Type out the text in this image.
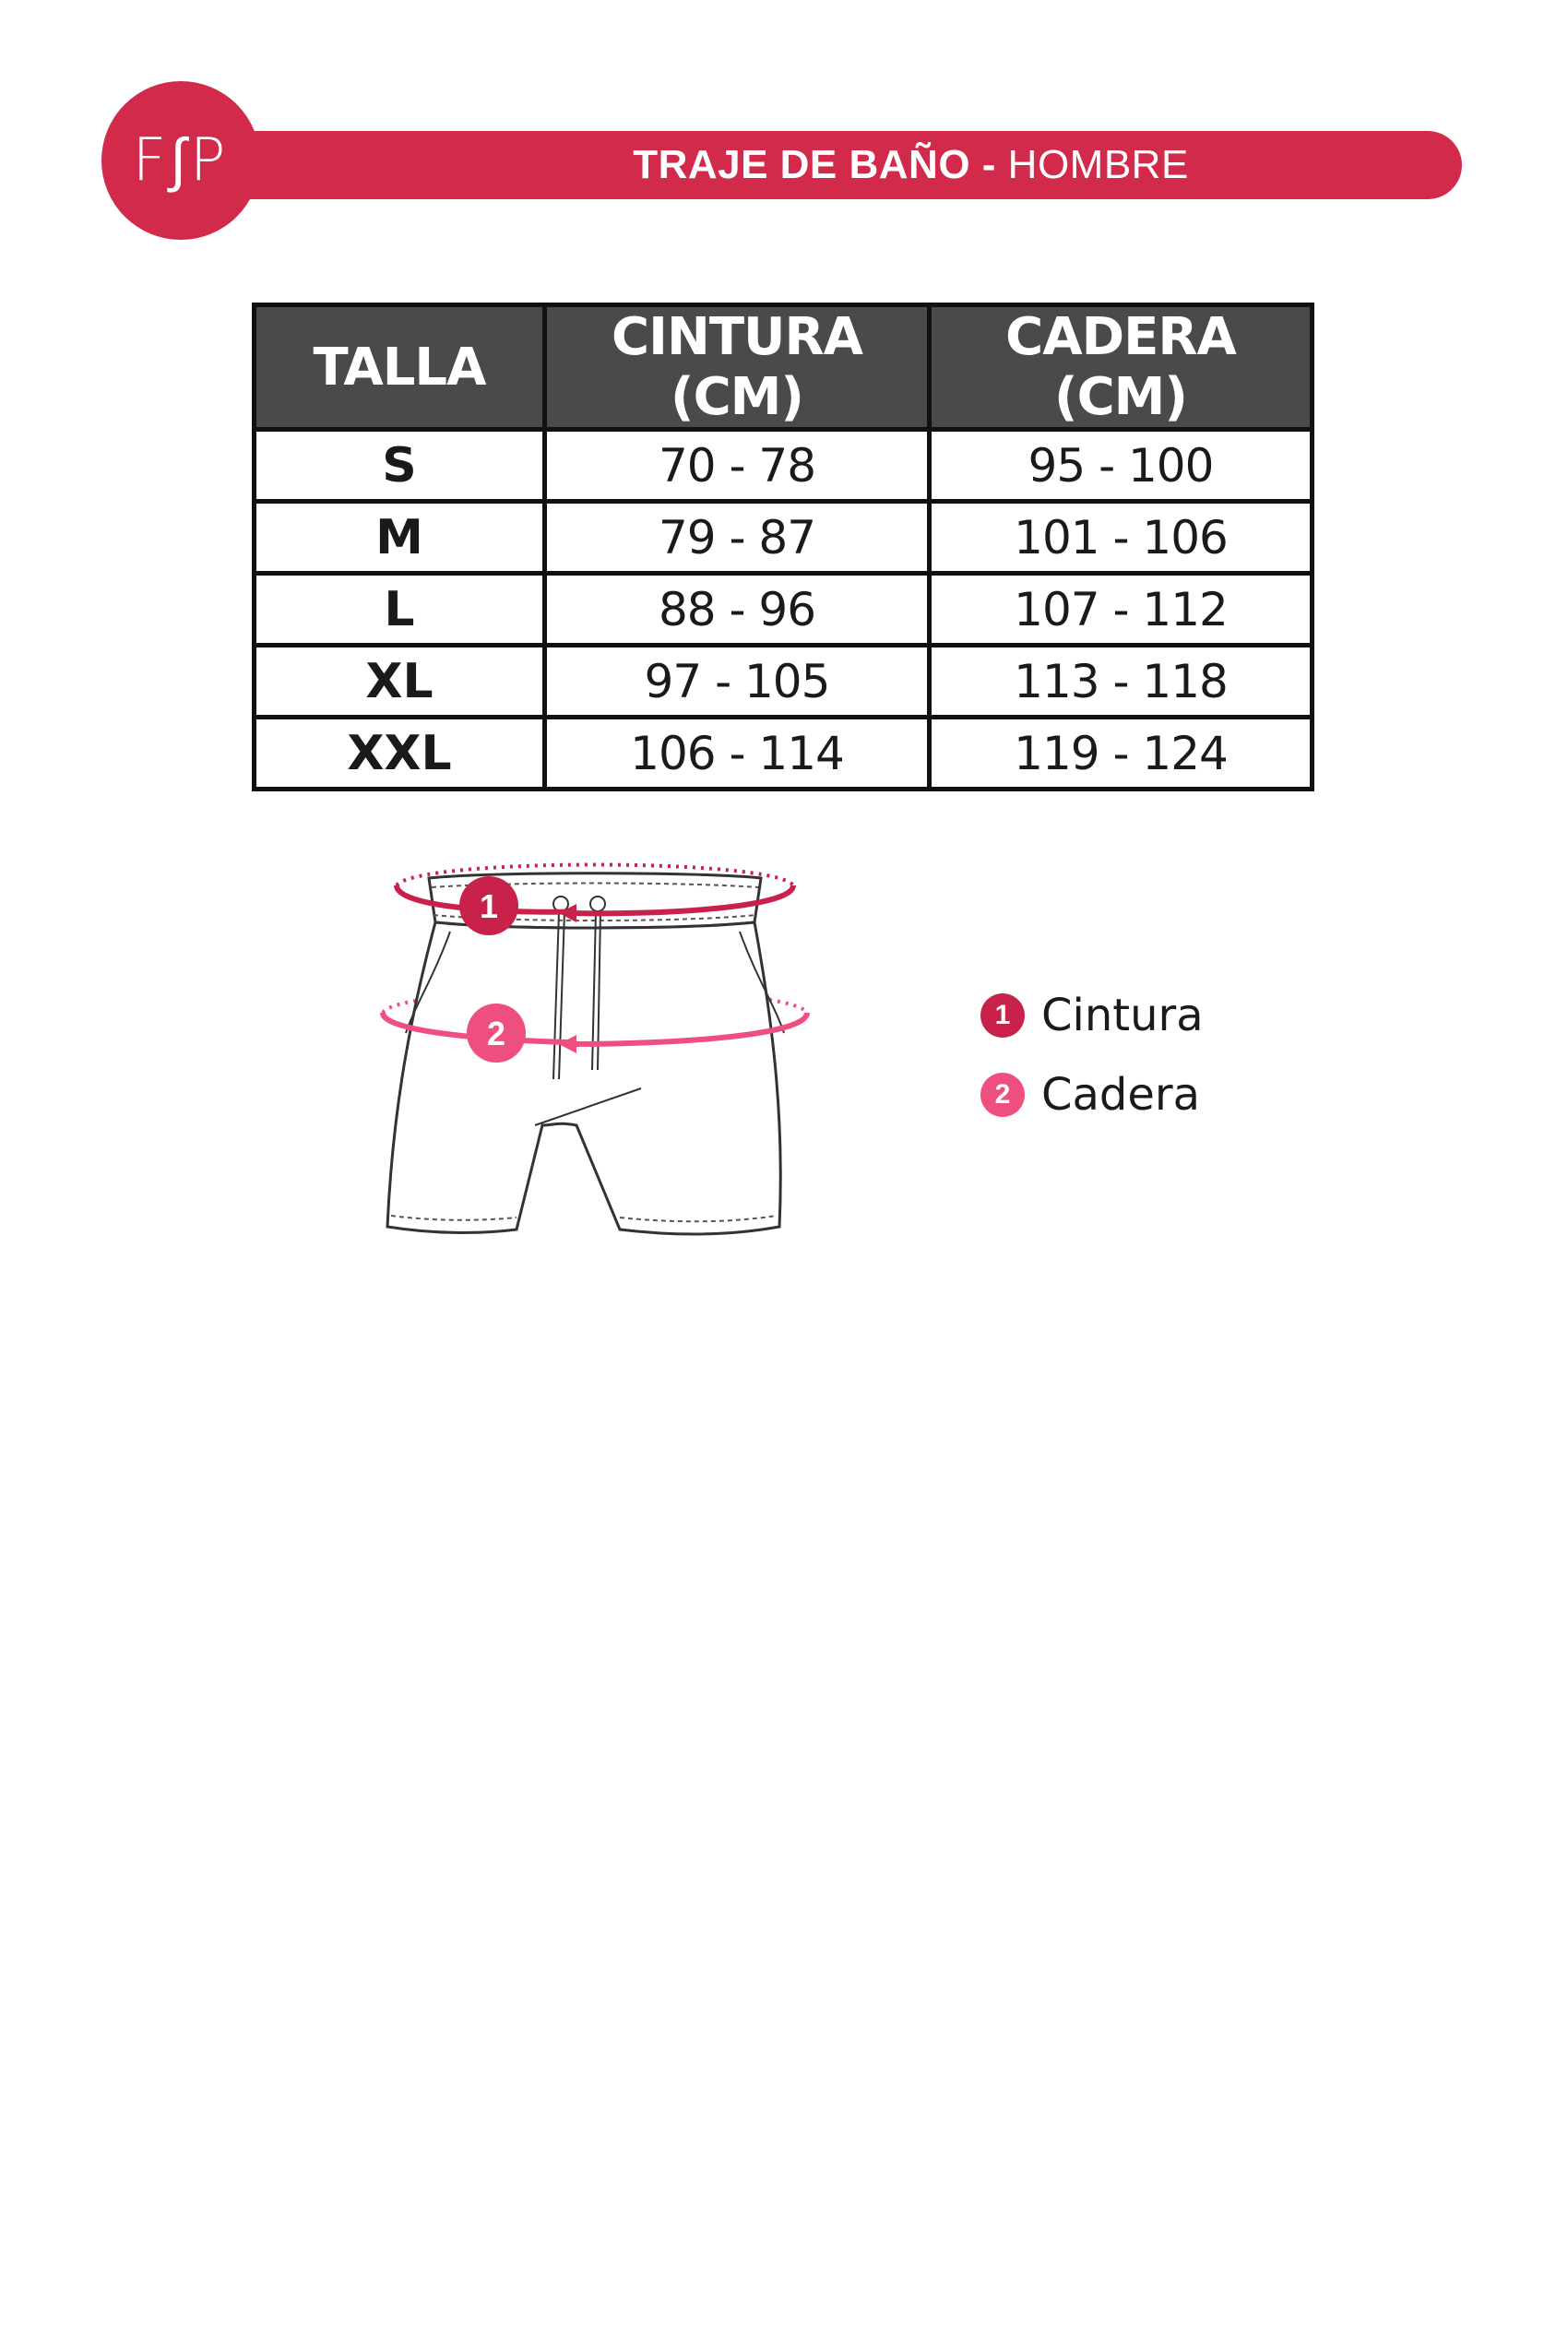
TRAJE DE BAÑO - HOMBRE
F∫P
TALLA	CINTURA (CM)	CADERA (CM)
S	70 - 78	95 - 100
M	79 - 87	101 - 106
L	88 - 96	107 - 112
XL	97 - 105	113 - 118
XXL	106 - 114	119 - 124
1
2	1 Cintura
2 Cadera
